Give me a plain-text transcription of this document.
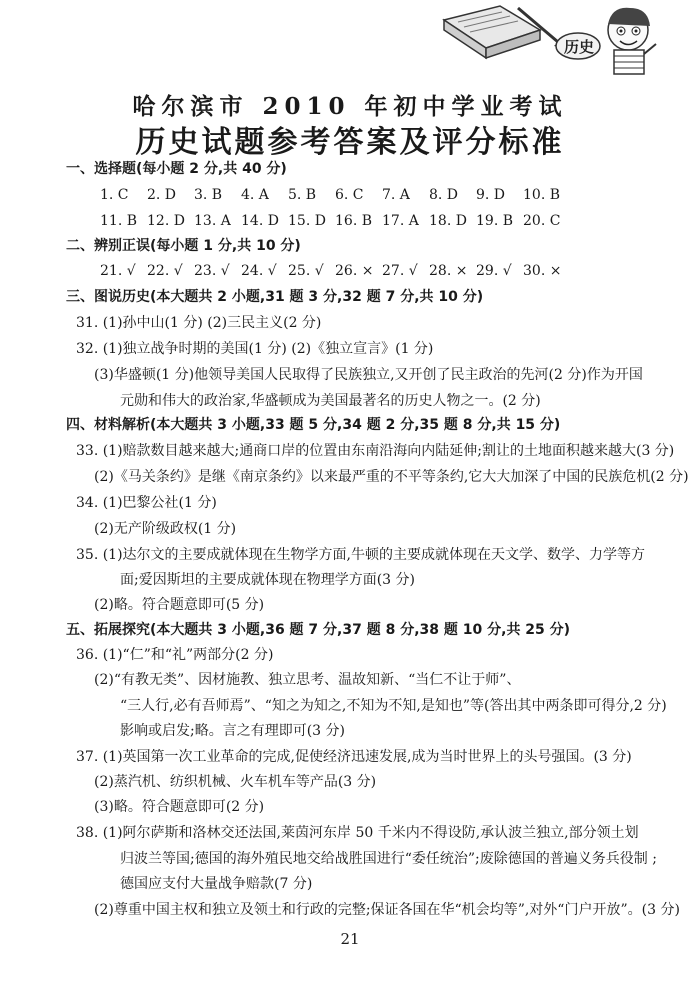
历史
哈尔滨市 2010 年初中学业考试
历史试题参考答案及评分标准
一、选择题(每小题 2 分,共 40 分)
1. C	2. D	3. B	4. A	5. B	6. C	7. A	8. D	9. D	10. B
11. B 12. D 13. A 14. D 15. D 16. B 17. A 18. D 19. B 20. C
二、辨别正误(每小题 1 分,共 10 分)
21. √ 22. √ 23. √ 24. √ 25. √ 26. × 27. √ 28. × 29. √ 30. ×
三、图说历史(本大题共 2 小题,31 题 3 分,32 题 7 分,共 10 分)
31. (1)孙中山(1 分) (2)三民主义(2 分)
32. (1)独立战争时期的美国(1 分) (2)《独立宣言》(1 分)
(3)华盛顿(1 分)他领导美国人民取得了民族独立,又开创了民主政治的先河(2 分)作为开国
元勋和伟大的政治家,华盛顿成为美国最著名的历史人物之一。(2 分)
四、材料解析(本大题共 3 小题,33 题 5 分,34 题 2 分,35 题 8 分,共 15 分)
33. (1)赔款数目越来越大;通商口岸的位置由东南沿海向内陆延伸;割让的土地面积越来越大(3 分)
(2)《马关条约》是继《南京条约》以来最严重的不平等条约,它大大加深了中国的民族危机(2 分)
34. (1)巴黎公社(1 分)
(2)无产阶级政权(1 分)
35. (1)达尔文的主要成就体现在生物学方面,牛顿的主要成就体现在天文学、数学、力学等方
面;爱因斯坦的主要成就体现在物理学方面(3 分)
(2)略。符合题意即可(5 分)
五、拓展探究(本大题共 3 小题,36 题 7 分,37 题 8 分,38 题 10 分,共 25 分)
36. (1)“仁”和“礼”两部分(2 分)
(2)“有教无类”、因材施教、独立思考、温故知新、“当仁不让于师”、
“三人行,必有吾师焉”、“知之为知之,不知为不知,是知也”等(答出其中两条即可得分,2 分)
影响或启发;略。言之有理即可(3 分)
37. (1)英国第一次工业革命的完成,促使经济迅速发展,成为当时世界上的头号强国。(3 分)
(2)蒸汽机、纺织机械、火车机车等产品(3 分)
(3)略。符合题意即可(2 分)
38. (1)阿尔萨斯和洛林交还法国,莱茵河东岸 50 千米内不得设防,承认波兰独立,部分领土划
归波兰等国;德国的海外殖民地交给战胜国进行“委任统治”;废除德国的普遍义务兵役制 ;
德国应支付大量战争赔款(7 分)
(2)尊重中国主权和独立及领土和行政的完整;保证各国在华“机会均等”,对外“门户开放”。(3 分)
21
